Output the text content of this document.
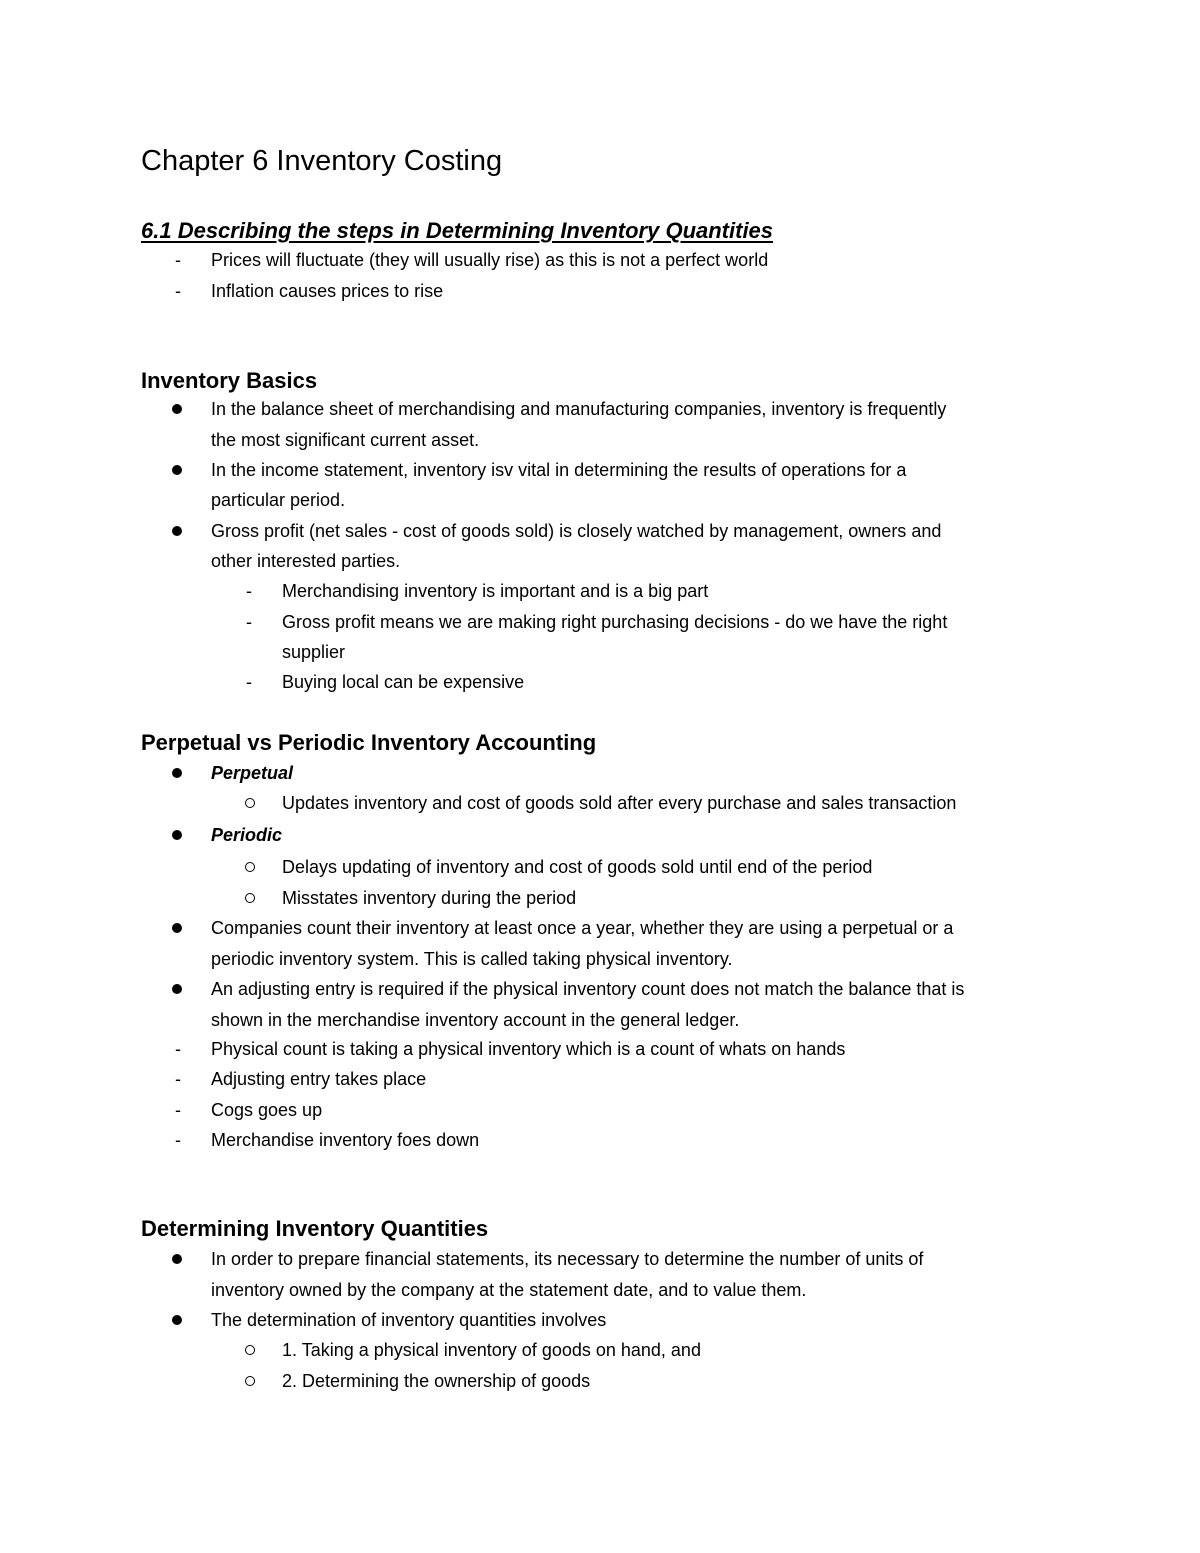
Chapter 6 Inventory Costing
6.1 Describing the steps in Determining Inventory Quantities
- Prices will fluctuate (they will usually rise) as this is not a perfect world
- Inflation causes prices to rise
Inventory Basics
In the balance sheet of merchandising and manufacturing companies, inventory is frequently
the most significant current asset.
In the income statement, inventory isv vital in determining the results of operations for a
particular period.
Gross profit (net sales - cost of goods sold) is closely watched by management, owners and
other interested parties.
- Merchandising inventory is important and is a big part
- Gross profit means we are making right purchasing decisions - do we have the right
supplier
- Buying local can be expensive
Perpetual vs Periodic Inventory Accounting
Perpetual
Updates inventory and cost of goods sold after every purchase and sales transaction
Periodic
Delays updating of inventory and cost of goods sold until end of the period
Misstates inventory during the period
Companies count their inventory at least once a year, whether they are using a perpetual or a
periodic inventory system. This is called taking physical inventory.
An adjusting entry is required if the physical inventory count does not match the balance that is
shown in the merchandise inventory account in the general ledger.
- Physical count is taking a physical inventory which is a count of whats on hands
- Adjusting entry takes place
- Cogs goes up
- Merchandise inventory foes down
Determining Inventory Quantities
In order to prepare financial statements, its necessary to determine the number of units of
inventory owned by the company at the statement date, and to value them.
The determination of inventory quantities involves
1. Taking a physical inventory of goods on hand, and
2. Determining the ownership of goods
